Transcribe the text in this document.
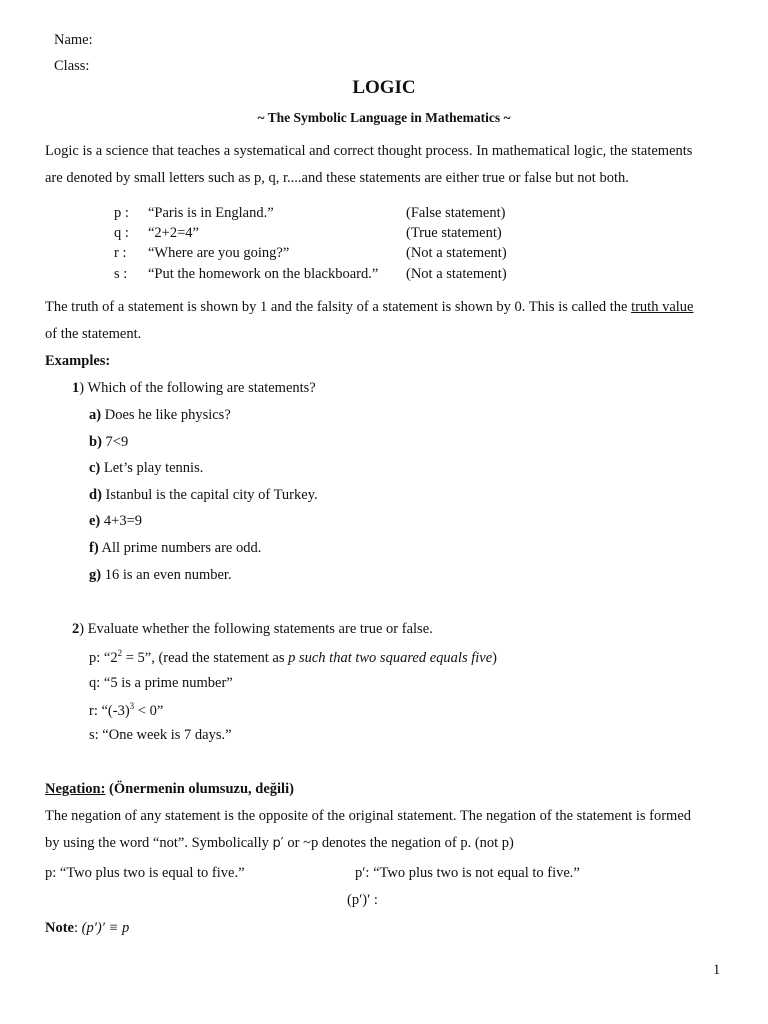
Name:
Class:
LOGIC
~ The Symbolic Language in Mathematics ~
Logic is a science that teaches a systematical and correct thought process. In mathematical logic, the statements
are denoted by small letters such as p, q, r....and these statements are either true or false but not both.
p : “Paris is in England.”	(False statement)
q : “2+2=4”	(True statement)
r : “Where are you going?”	(Not a statement)
s : “Put the homework on the blackboard.” (Not a statement)
The truth of a statement is shown by 1 and the falsity of a statement is shown by 0. This is called the truth value
of the statement.
Examples:
1) Which of the following are statements?
a) Does he like physics?
b) 7<9
c) Let’s play tennis.
d) Istanbul is the capital city of Turkey.
e) 4+3=9
f) All prime numbers are odd.
g) 16 is an even number.
2) Evaluate whether the following statements are true or false.
p: “$2^2 = 5$”, (read the statement as p such that two squared equals five)
q: “5 is a prime number”
r: “$(-3)^3 < 0$”
s: “One week is 7 days.”
Negation: (Önermenin olumsuzu, değili)
The negation of any statement is the opposite of the original statement. The negation of the statement is formed
by using the word “not”. Symbolically p′ or ~p denotes the negation of p. (not p)
p: “Two plus two is equal to five.”	p′: “Two plus two is not equal to five.”
(p′)′ :
Note: (p′)′ ≡ p
1
